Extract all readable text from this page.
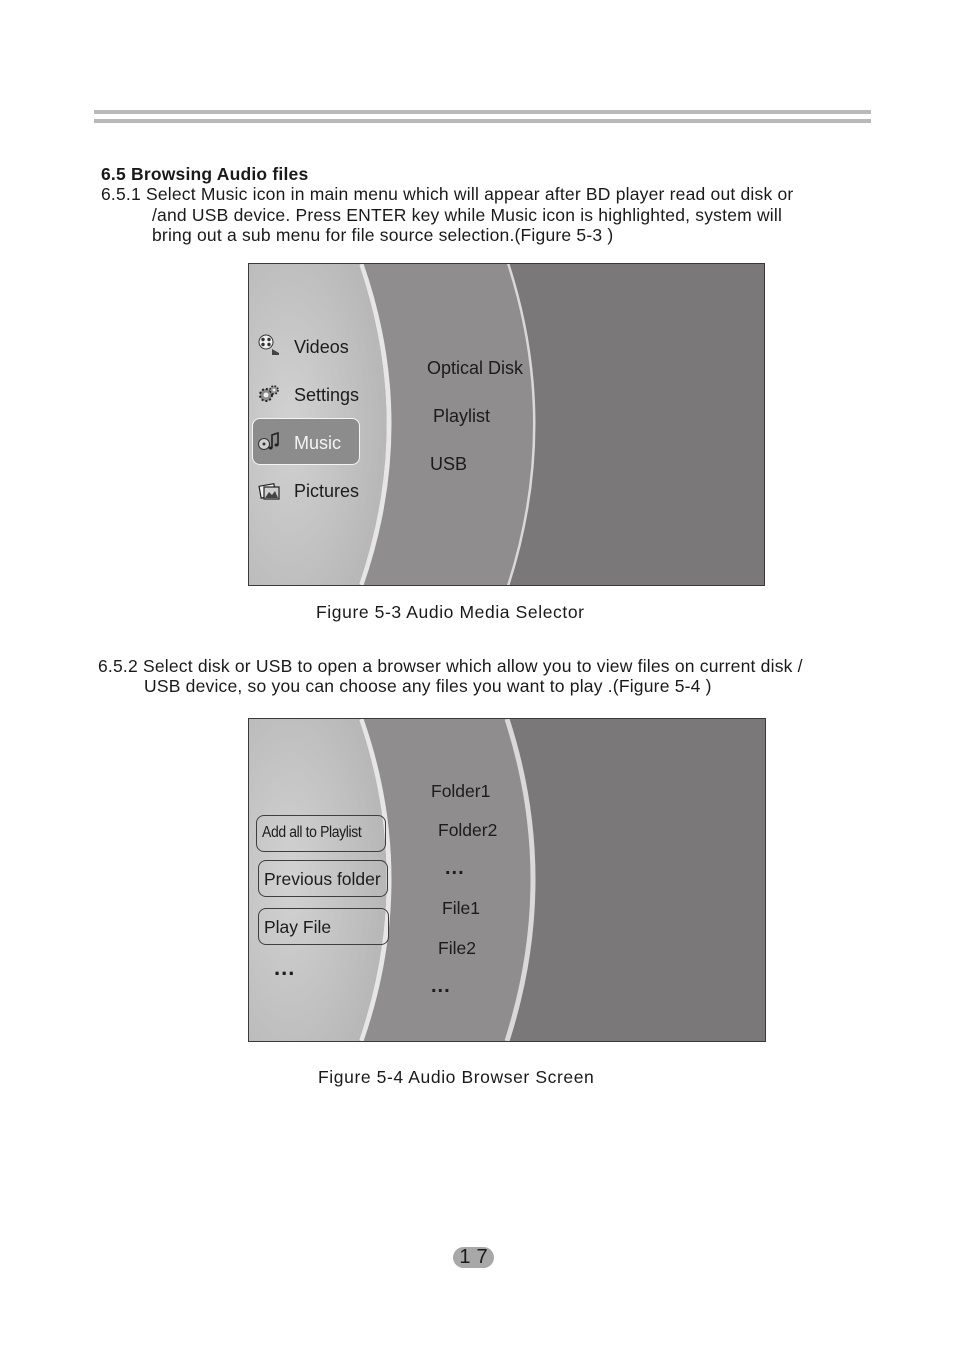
6.5 Browsing Audio files
6.5.1 Select Music icon in main menu which will appear after BD player read out disk or
/and USB device. Press ENTER key while Music icon is highlighted, system will
bring out a sub menu for file source selection.(Figure 5-3 )
Videos
Settings
Music
Pictures
Optical Disk
Playlist
USB
Figure 5-3 Audio Media Selector
6.5.2 Select disk or USB to open a browser which allow you to view files on current disk /
USB device, so you can choose any files you want to play .(Figure 5-4 )
Add all to Playlist
Previous folder
Play File
...
Folder1
Folder2
...
File1
File2
...
Figure 5-4 Audio Browser Screen
17
